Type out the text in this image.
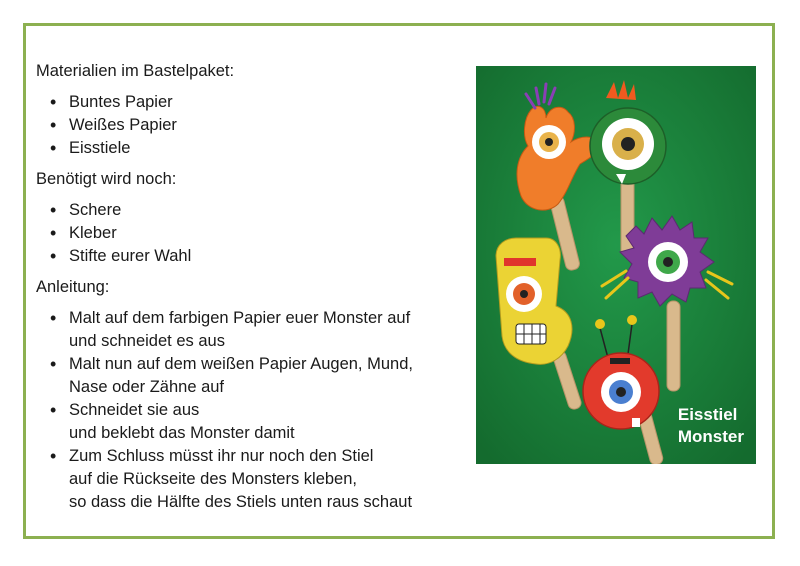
Materialien im Bastelpaket:
• Buntes Papier
• Weißes Papier
• Eisstiele
Benötigt wird noch:
• Schere
• Kleber
• Stifte eurer Wahl
Anleitung:
• Malt auf dem farbigen Papier euer Monster auf
und schneidet es aus
• Malt nun auf dem weißen Papier Augen, Mund,
Nase oder Zähne auf
• Schneidet sie aus
und beklebt das Monster damit
• Zum Schluss müsst ihr nur noch den Stiel
auf die Rückseite des Monsters kleben,
so dass die Hälfte des Stiels unten raus schaut
Eisstiel
Monster
